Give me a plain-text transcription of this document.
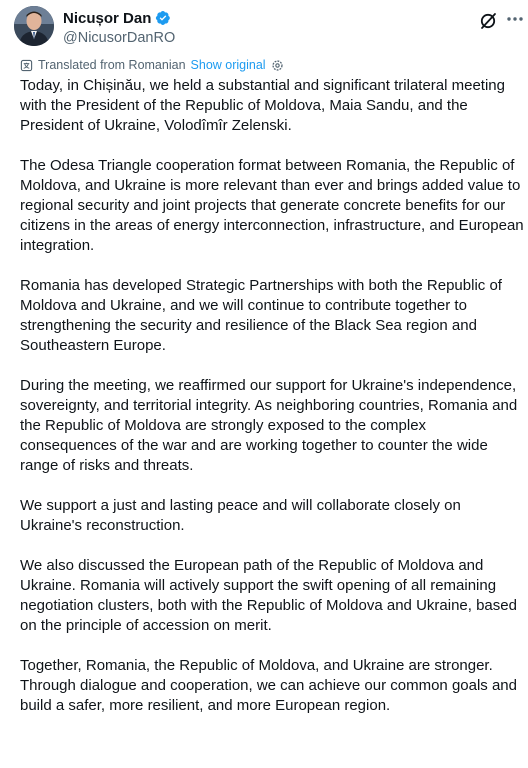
Nicușor Dan
@NicusorDanRO
Translated from Romanian Show original

Today, in Chișinău, we held a substantial and significant trilateral meeting with the President of the Republic of Moldova, Maia Sandu, and the President of Ukraine, Volodîmîr Zelenski.

The Odesa Triangle cooperation format between Romania, the Republic of Moldova, and Ukraine is more relevant than ever and brings added value to regional security and joint projects that generate concrete benefits for our citizens in the areas of energy interconnection, infrastructure, and European integration.

Romania has developed Strategic Partnerships with both the Republic of Moldova and Ukraine, and we will continue to contribute together to strengthening the security and resilience of the Black Sea region and Southeastern Europe.

During the meeting, we reaffirmed our support for Ukraine's independence, sovereignty, and territorial integrity. As neighboring countries, Romania and the Republic of Moldova are strongly exposed to the complex consequences of the war and are working together to counter the wide range of risks and threats.

We support a just and lasting peace and will collaborate closely on Ukraine's reconstruction.

We also discussed the European path of the Republic of Moldova and Ukraine. Romania will actively support the swift opening of all remaining negotiation clusters, both with the Republic of Moldova and Ukraine, based on the principle of accession on merit.

Together, Romania, the Republic of Moldova, and Ukraine are stronger. Through dialogue and cooperation, we can achieve our common goals and build a safer, more resilient, and more European region.
